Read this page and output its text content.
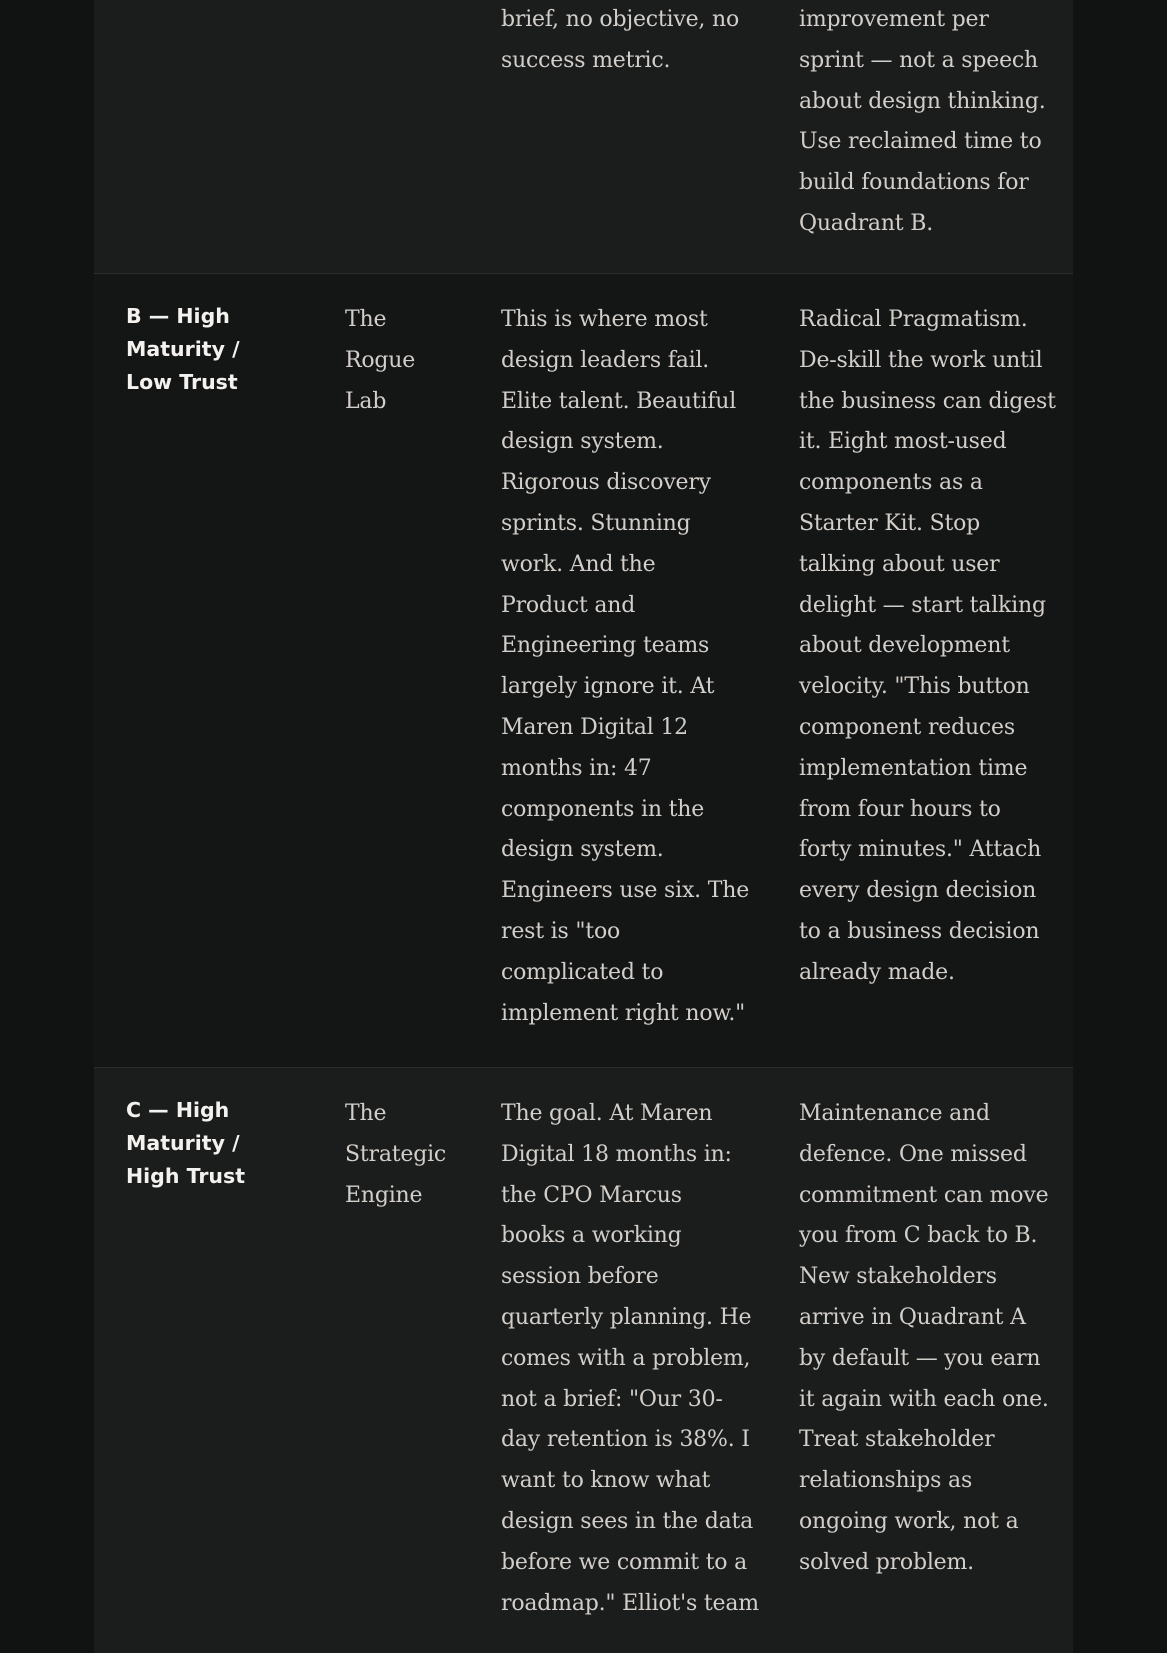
brief, no objective, no
success metric.
improvement per
sprint — not a speech
about design thinking.
Use reclaimed time to
build foundations for
Quadrant B.
B — High
Maturity /
Low Trust
The
Rogue
Lab
This is where most
design leaders fail.
Elite talent. Beautiful
design system.
Rigorous discovery
sprints. Stunning
work. And the
Product and
Engineering teams
largely ignore it. At
Maren Digital 12
months in: 47
components in the
design system.
Engineers use six. The
rest is "too
complicated to
implement right now."
Radical Pragmatism.
De-skill the work until
the business can digest
it. Eight most-used
components as a
Starter Kit. Stop
talking about user
delight — start talking
about development
velocity. "This button
component reduces
implementation time
from four hours to
forty minutes." Attach
every design decision
to a business decision
already made.
C — High
Maturity /
High Trust
The
Strategic
Engine
The goal. At Maren
Digital 18 months in:
the CPO Marcus
books a working
session before
quarterly planning. He
comes with a problem,
not a brief: "Our 30-
day retention is 38%. I
want to know what
design sees in the data
before we commit to a
roadmap." Elliot's team
Maintenance and
defence. One missed
commitment can move
you from C back to B.
New stakeholders
arrive in Quadrant A
by default — you earn
it again with each one.
Treat stakeholder
relationships as
ongoing work, not a
solved problem.
